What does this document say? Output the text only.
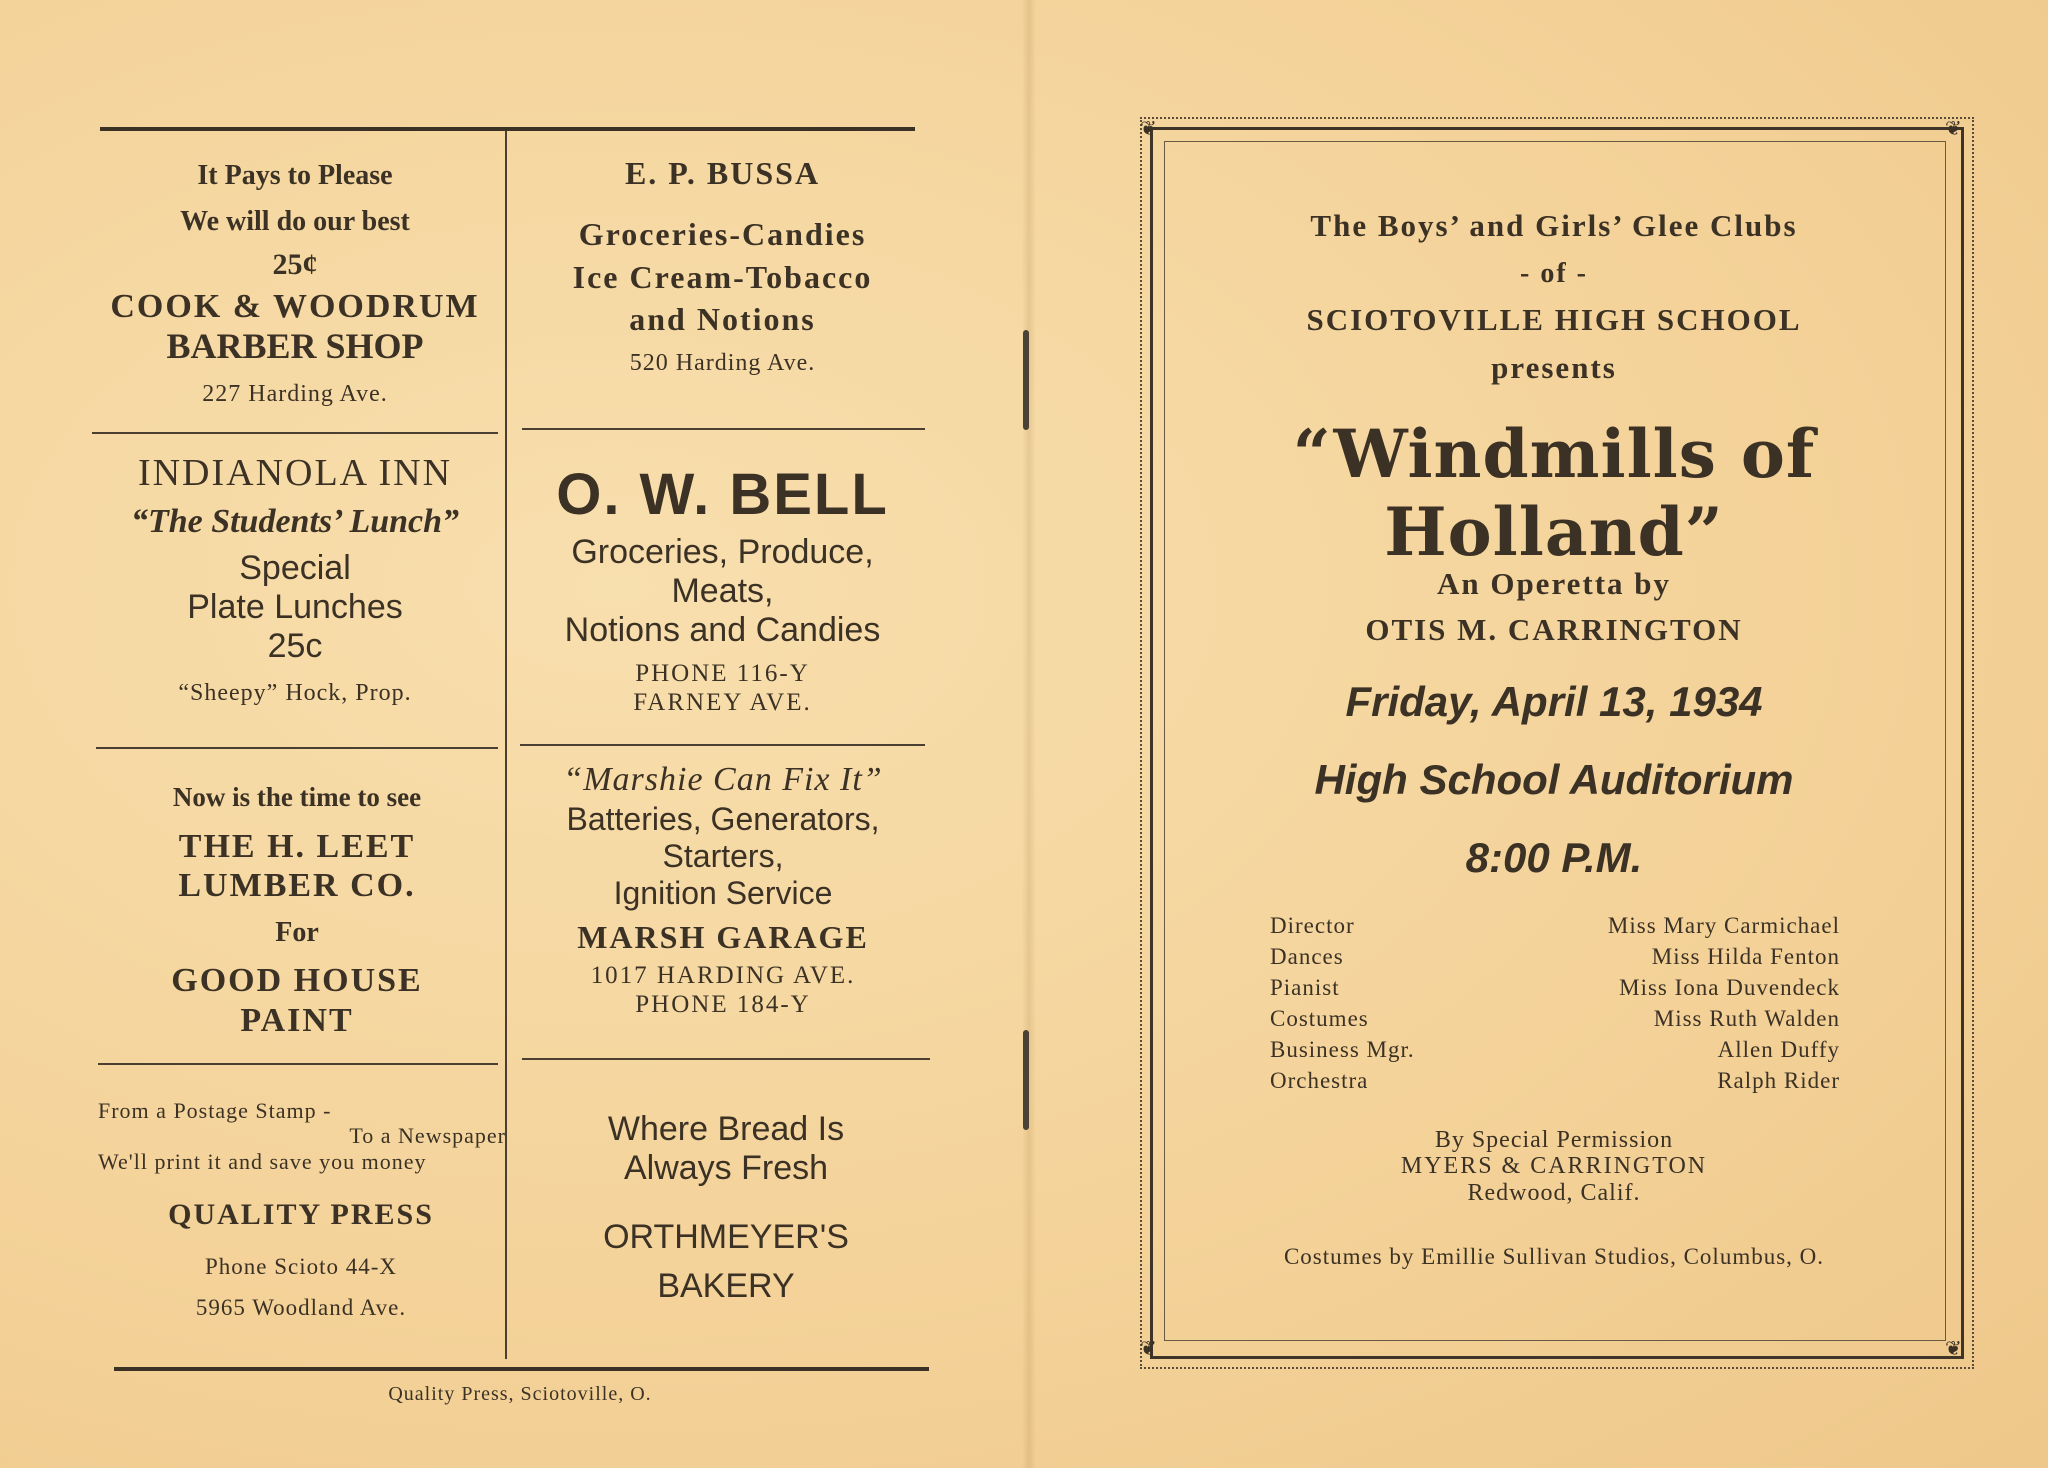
It Pays to Please
We will do our best
25¢
COOK & WOODRUM
BARBER SHOP
227 Harding Ave.
E. P. BUSSA
Groceries-Candies
Ice Cream-Tobacco
and Notions
520 Harding Ave.
INDIANOLA INN
“The Students’ Lunch”
Special
Plate Lunches
25c
“Sheepy” Hock, Prop.
O. W. BELL
Groceries, Produce,
Meats,
Notions and Candies
PHONE 116-Y
FARNEY AVE.
Now is the time to see
THE H. LEET
LUMBER CO.
For
GOOD HOUSE
PAINT
“Marshie Can Fix It”
Batteries, Generators,
Starters,
Ignition Service
MARSH GARAGE
1017 HARDING AVE.
PHONE 184-Y
From a Postage Stamp -
To a Newspaper
We'll print it and save you money
QUALITY PRESS
Phone Scioto 44-X
5965 Woodland Ave.
Where Bread Is
Always Fresh
ORTHMEYER'S
BAKERY
Quality Press, Sciotoville, O.
❦	❦
❦	❦
The Boys’ and Girls’ Glee Clubs
- of -
SCIOTOVILLE HIGH SCHOOL
presents
“Windmills of Holland”
An Operetta by
OTIS M. CARRINGTON
Friday, April 13, 1934
High School Auditorium
8:00 P.M.
Director	Miss Mary Carmichael
Dances	Miss Hilda Fenton
Pianist	Miss Iona Duvendeck
Costumes	Miss Ruth Walden
Business Mgr.	Allen Duffy
Orchestra	Ralph Rider
By Special Permission
MYERS & CARRINGTON
Redwood, Calif.
Costumes by Emillie Sullivan Studios, Columbus, O.
